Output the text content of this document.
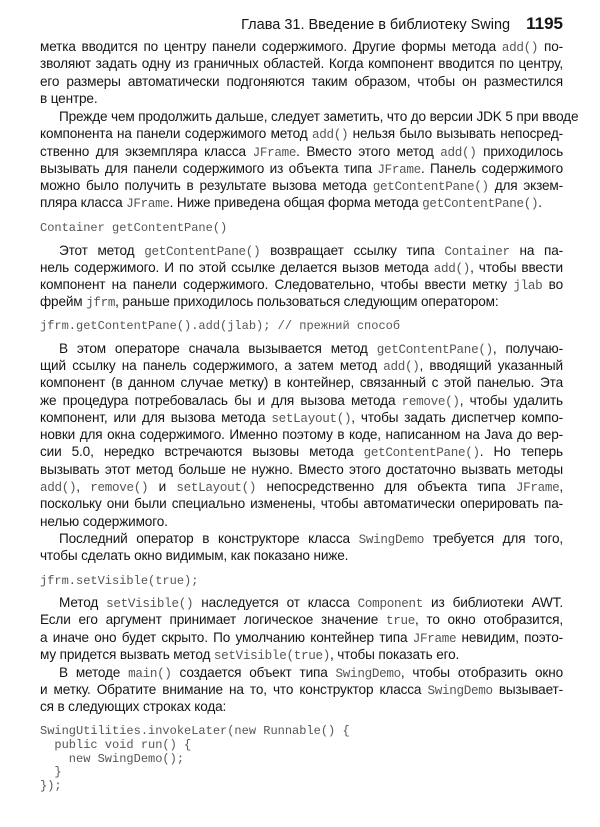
Глава 31. Введение в библиотеку Swing 1195
метка вводится по центру панели содержимого. Другие формы метода add() по-
зволяют задать одну из граничных областей. Когда компонент вводится по центру,
его размеры автоматически подгоняются таким образом, чтобы он разместился
в центре.
Прежде чем продолжить дальше, следует заметить, что до версии JDK 5 при вводе
компонента на панели содержимого метод add() нельзя было вызывать непосред-
ственно для экземпляра класса JFrame. Вместо этого метод add() приходилось
вызывать для панели содержимого из объекта типа JFrame. Панель содержимого
можно было получить в результате вызова метода getContentPane() для экзем-
пляра класса JFrame. Ниже приведена общая форма метода getContentPane().
Этот метод getContentPane() возвращает ссылку типа Container на па-
нель содержимого. И по этой ссылке делается вызов метода add(), чтобы ввести
компонент на панели содержимого. Следовательно, чтобы ввести метку jlab во
фрейм jfrm, раньше приходилось пользоваться следующим оператором:
В этом операторе сначала вызывается метод getContentPane(), получаю-
щий ссылку на панель содержимого, а затем метод add(), вводящий указанный
компонент (в данном случае метку) в контейнер, связанный с этой панелью. Эта
же процедура потребовалась бы и для вызова метода remove(), чтобы удалить
компонент, или для вызова метода setLayout(), чтобы задать диспетчер компо-
новки для окна содержимого. Именно поэтому в коде, написанном на Java до вер-
сии 5.0, нередко встречаются вызовы метода getContentPane(). Но теперь
вызывать этот метод больше не нужно. Вместо этого достаточно вызвать методы
add(), remove() и setLayout() непосредственно для объекта типа JFrame,
поскольку они были специально изменены, чтобы автоматически оперировать па-
нелью содержимого.
Последний оператор в конструкторе класса SwingDemo требуется для того,
чтобы сделать окно видимым, как показано ниже.
Метод setVisible() наследуется от класса Component из библиотеки AWT.
Если его аргумент принимает логическое значение true, то окно отобразится,
а иначе оно будет скрыто. По умолчанию контейнер типа JFrame невидим, поэто-
му придется вызвать метод setVisible(true), чтобы показать его.
В методе main() создается объект типа SwingDemo, чтобы отобразить окно
и метку. Обратите внимание на то, что конструктор класса SwingDemo вызывает-
ся в следующих строках кода:
Container getContentPane()
jfrm.getContentPane().add(jlab); // прежний способ
jfrm.setVisible(true);
SwingUtilities.invokeLater(new Runnable() {
public void run() {
new SwingDemo();
}
});
